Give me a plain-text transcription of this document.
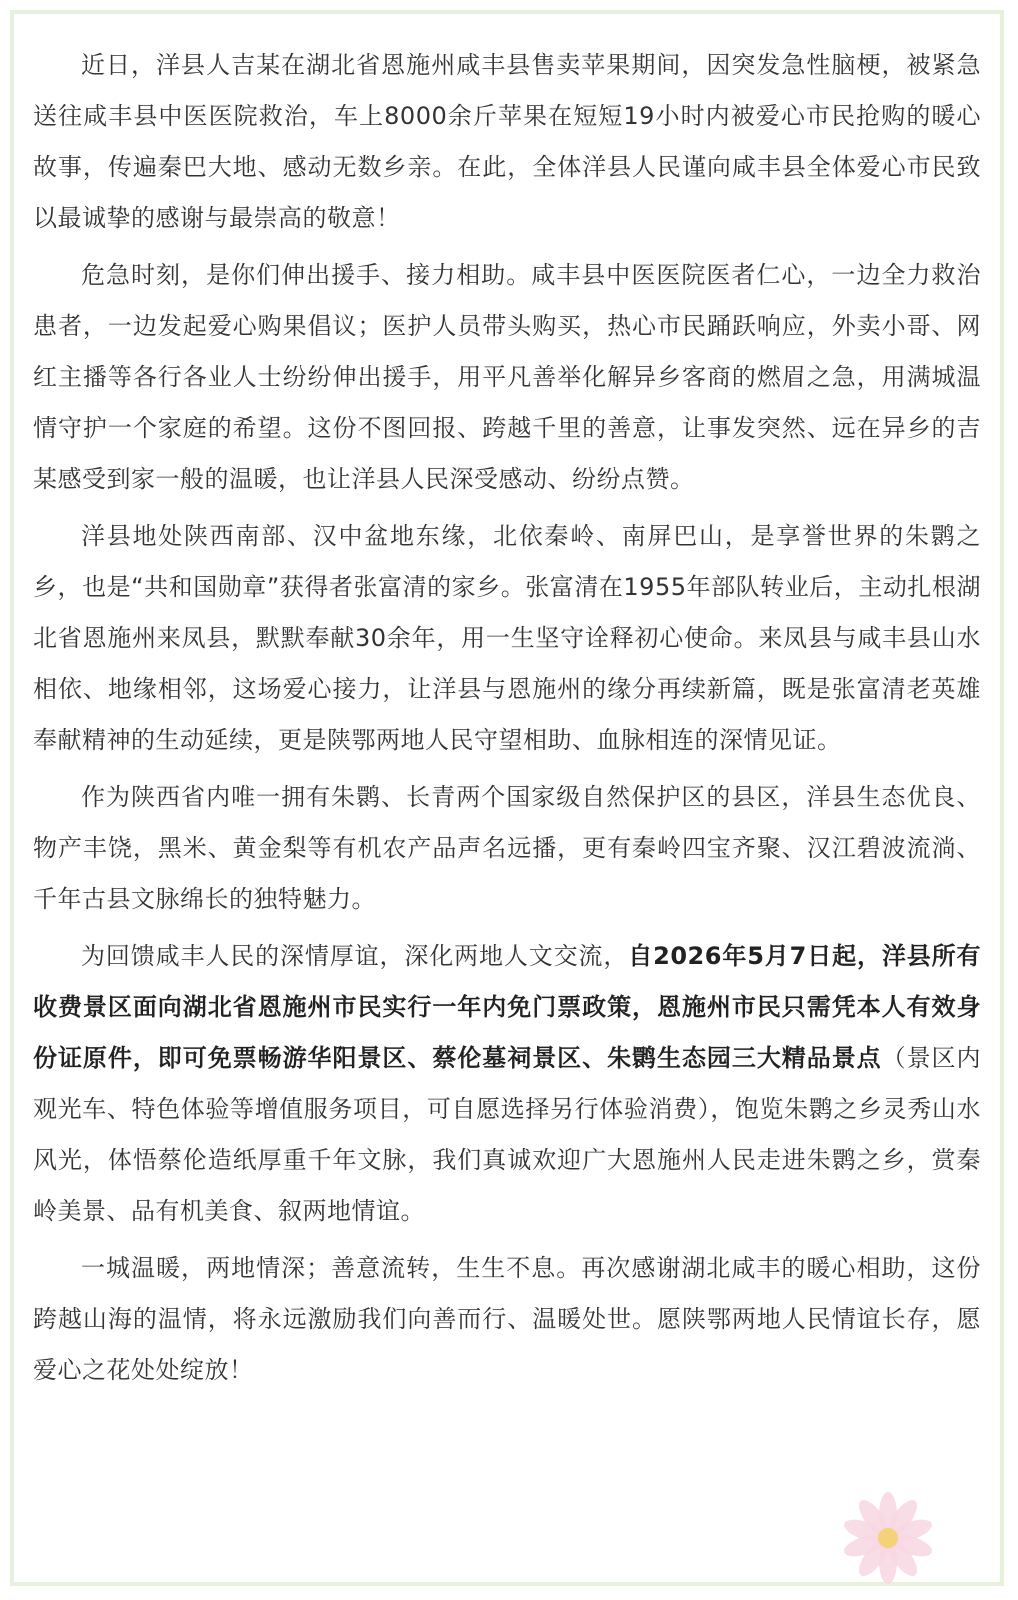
近日，洋县人吉某在湖北省恩施州咸丰县售卖苹果期间，因突发急性脑梗，被紧急送往咸丰县中医医院救治，车上8000余斤苹果在短短19小时内被爱心市民抢购的暖心故事，传遍秦巴大地、感动无数乡亲。在此，全体洋县人民谨向咸丰县全体爱心市民致以最诚挚的感谢与最崇高的敬意！

危急时刻，是你们伸出援手、接力相助。咸丰县中医医院医者仁心，一边全力救治患者，一边发起爱心购果倡议；医护人员带头购买，热心市民踊跃响应，外卖小哥、网红主播等各行各业人士纷纷伸出援手，用平凡善举化解异乡客商的燃眉之急，用满城温情守护一个家庭的希望。这份不图回报、跨越千里的善意，让事发突然、远在异乡的吉某感受到家一般的温暖，也让洋县人民深受感动、纷纷点赞。

洋县地处陕西南部、汉中盆地东缘，北依秦岭、南屏巴山，是享誉世界的朱鹮之乡，也是“共和国勋章”获得者张富清的家乡。张富清在1955年部队转业后，主动扎根湖北省恩施州来凤县，默默奉献30余年，用一生坚守诠释初心使命。来凤县与咸丰县山水相依、地缘相邻，这场爱心接力，让洋县与恩施州的缘分再续新篇，既是张富清老英雄奉献精神的生动延续，更是陕鄂两地人民守望相助、血脉相连的深情见证。

作为陕西省内唯一拥有朱鹮、长青两个国家级自然保护区的县区，洋县生态优良、物产丰饶，黑米、黄金梨等有机农产品声名远播，更有秦岭四宝齐聚、汉江碧波流淌、千年古县文脉绵长的独特魅力。

为回馈咸丰人民的深情厚谊，深化两地人文交流，自2026年5月7日起，洋县所有收费景区面向湖北省恩施州市民实行一年内免门票政策，恩施州市民只需凭本人有效身份证原件，即可免票畅游华阳景区、蔡伦墓祠景区、朱鹮生态园三大精品景点（景区内观光车、特色体验等增值服务项目，可自愿选择另行体验消费），饱览朱鹮之乡灵秀山水风光，体悟蔡伦造纸厚重千年文脉，我们真诚欢迎广大恩施州人民走进朱鹮之乡，赏秦岭美景、品有机美食、叙两地情谊。

一城温暖，两地情深；善意流转，生生不息。再次感谢湖北咸丰的暖心相助，这份跨越山海的温情，将永远激励我们向善而行、温暖处世。愿陕鄂两地人民情谊长存，愿爱心之花处处绽放！
